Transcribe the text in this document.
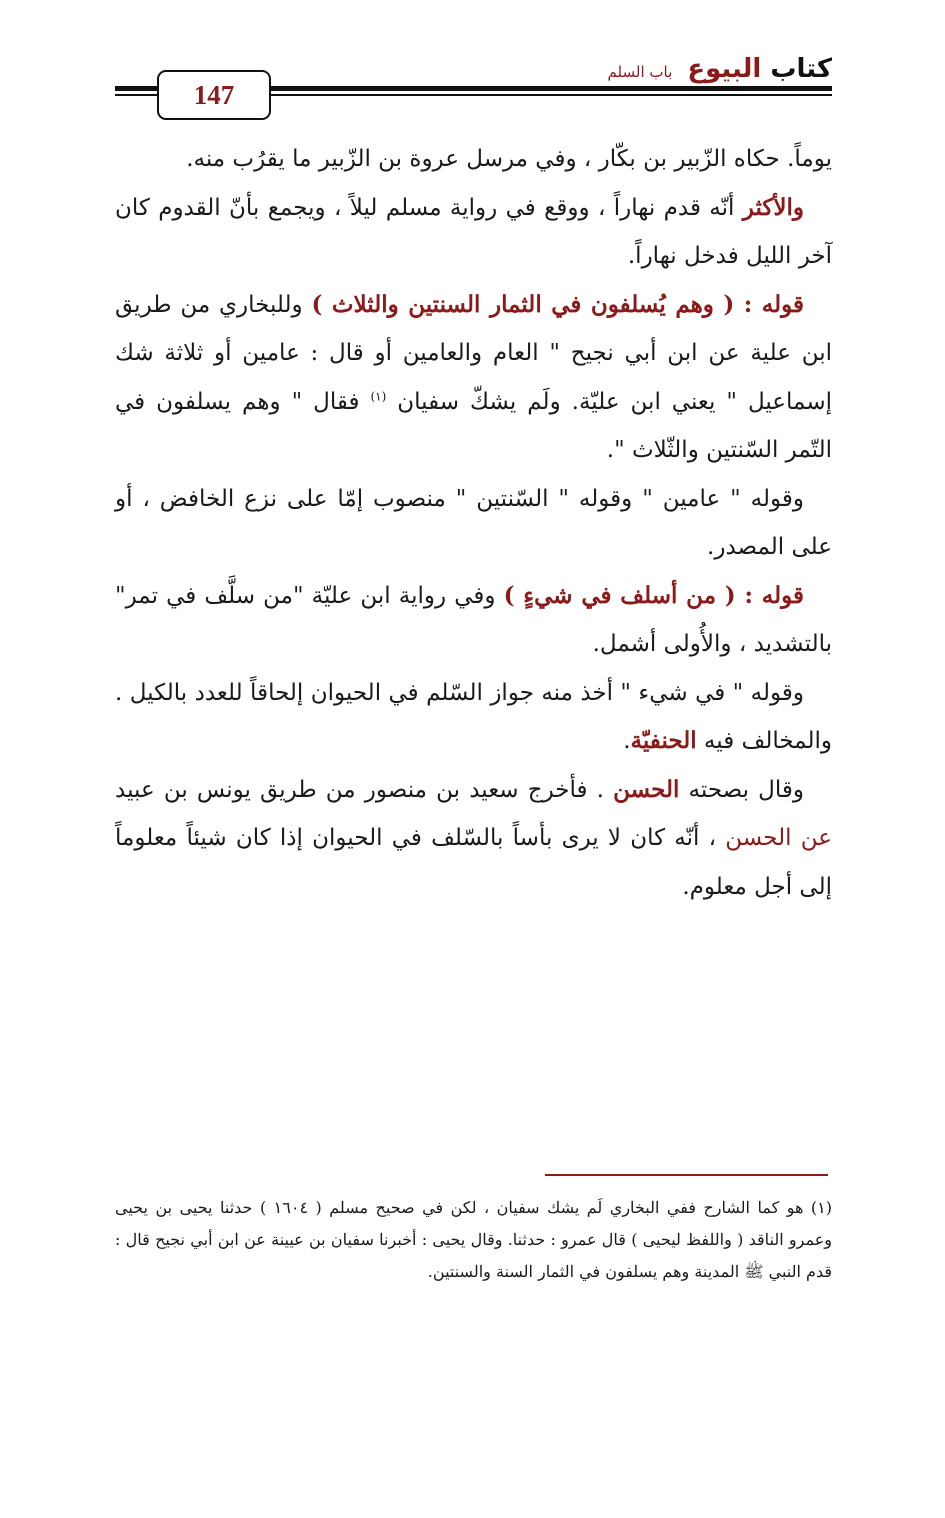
كتاب البيوع باب السلم
147

يوماً. حكاه الزّبير بن بكّار ، وفي مرسل عروة بن الزّبير ما يقرُب منه.

والأكثر أنّه قدم نهاراً ، ووقع في رواية مسلم ليلاً ، ويجمع بأنّ القدوم كان آخر الليل فدخل نهاراً.

قوله : ( وهم يُسلفون في الثمار السنتين والثلاث ) وللبخاري من طريق ابن علية عن ابن أبي نجيح " العام والعامين أو قال : عامين أو ثلاثة شك إسماعيل " يعني ابن عليّة. ولَم يشكّ سفيان $^{(١)}$ فقال " وهم يسلفون في التّمر السّنتين والثّلاث ".

وقوله " عامين " وقوله " السّنتين " منصوب إمّا على نزع الخافض ، أو على المصدر.

قوله : ( من أسلف في شيءٍ ) وفي رواية ابن عليّة "من سلَّف في تمر" بالتشديد ، والأُولى أشمل.

وقوله " في شيء " أخذ منه جواز السّلم في الحيوان إلحاقاً للعدد بالكيل . والمخالف فيه الحنفيّة.

وقال بصحته الحسن . فأخرج سعيد بن منصور من طريق يونس بن عبيد عن الحسن ، أنّه كان لا يرى بأساً بالسّلف في الحيوان إذا كان شيئاً معلوماً إلى أجل معلوم.

(١) هو كما الشارح ففي البخاري لَم يشك سفيان ، لكن في صحيح مسلم ( ١٦٠٤ ) حدثنا يحيى بن يحيى وعمرو الناقد ( واللفظ ليحيى ) قال عمرو : حدثنا. وقال يحيى : أخبرنا سفيان بن عيينة عن ابن أبي نجيح قال : قدم النبي ﷺ المدينة وهم يسلفون في الثمار السنة والسنتين.
